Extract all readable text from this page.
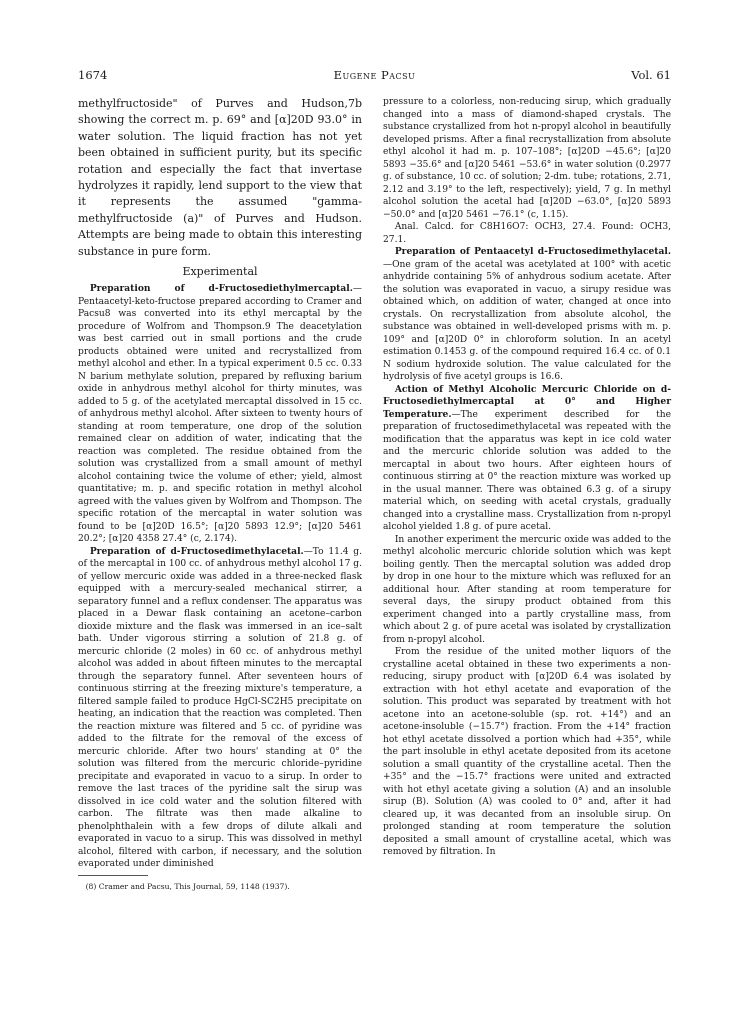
1674	Eugene Pacsu	Vol. 61

methylfructoside" of Purves and Hudson,7b showing the correct m. p. 69° and [α]20D 93.0° in water solution. The liquid fraction has not yet been obtained in sufficient purity, but its specific rotation and especially the fact that invertase hydrolyzes it rapidly, lend support to the view that it represents the assumed "gamma-methylfructoside (a)" of Purves and Hudson. Attempts are being made to obtain this interesting substance in pure form.

Experimental

Preparation of d-Fructosediethylmercaptal.—Pentaacetyl-keto-fructose prepared according to Cramer and Pacsu8 was converted into its ethyl mercaptal by the procedure of Wolfrom and Thompson.9 The deacetylation was best carried out in small portions and the crude products obtained were united and recrystallized from methyl alcohol and ether. In a typical experiment 0.5 cc. 0.33 N barium methylate solution, prepared by refluxing barium oxide in anhydrous methyl alcohol for thirty minutes, was added to 5 g. of the acetylated mercaptal dissolved in 15 cc. of anhydrous methyl alcohol. After sixteen to twenty hours of standing at room temperature, one drop of the solution remained clear on addition of water, indicating that the reaction was completed. The residue obtained from the solution was crystallized from a small amount of methyl alcohol containing twice the volume of ether; yield, almost quantitative; m. p. and specific rotation in methyl alcohol agreed with the values given by Wolfrom and Thompson. The specific rotation of the mercaptal in water solution was found to be [α]20D 16.5°; [α]20 5893 12.9°; [α]20 5461 20.2°; [α]20 4358 27.4° (c, 2.174).

Preparation of d-Fructosedimethylacetal.—To 11.4 g. of the mercaptal in 100 cc. of anhydrous methyl alcohol 17 g. of yellow mercuric oxide was added in a three-necked flask equipped with a mercury-sealed mechanical stirrer, a separatory funnel and a reflux condenser. The apparatus was placed in a Dewar flask containing an acetone–carbon dioxide mixture and the flask was immersed in an ice–salt bath. Under vigorous stirring a solution of 21.8 g. of mercuric chloride (2 moles) in 60 cc. of anhydrous methyl alcohol was added in about fifteen minutes to the mercaptal through the separatory funnel. After seventeen hours of continuous stirring at the freezing mixture's temperature, a filtered sample failed to produce HgCl-SC2H5 precipitate on heating, an indication that the reaction was completed. Then the reaction mixture was filtered and 5 cc. of pyridine was added to the filtrate for the removal of the excess of mercuric chloride. After two hours' standing at 0° the solution was filtered from the mercuric chloride–pyridine precipitate and evaporated in vacuo to a sirup. In order to remove the last traces of the pyridine salt the sirup was dissolved in ice cold water and the solution filtered with carbon. The filtrate was then made alkaline to phenolphthalein with a few drops of dilute alkali and evaporated in vacuo to a sirup. This was dissolved in methyl alcohol, filtered with carbon, if necessary, and the solution evaporated under diminished

(8) Cramer and Pacsu, This Journal, 59, 1148 (1937).

pressure to a colorless, non-reducing sirup, which gradually changed into a mass of diamond-shaped crystals. The substance crystallized from hot n-propyl alcohol in beautifully developed prisms. After a final recrystallization from absolute ethyl alcohol it had m. p. 107–108°; [α]20D −45.6°; [α]20 5893 −35.6° and [α]20 5461 −53.6° in water solution (0.2977 g. of substance, 10 cc. of solution; 2-dm. tube; rotations, 2.71, 2.12 and 3.19° to the left, respectively); yield, 7 g. In methyl alcohol solution the acetal had [α]20D −63.0°, [α]20 5893 −50.0° and [α]20 5461 −76.1° (c, 1.15).

Anal. Calcd. for C8H16O7: OCH3, 27.4. Found: OCH3, 27.1.

Preparation of Pentaacetyl d-Fructosedimethylacetal.—One gram of the acetal was acetylated at 100° with acetic anhydride containing 5% of anhydrous sodium acetate. After the solution was evaporated in vacuo, a sirupy residue was obtained which, on addition of water, changed at once into crystals. On recrystallization from absolute alcohol, the substance was obtained in well-developed prisms with m. p. 109° and [α]20D 0° in chloroform solution. In an acetyl estimation 0.1453 g. of the compound required 16.4 cc. of 0.1 N sodium hydroxide solution. The value calculated for the hydrolysis of five acetyl groups is 16.6.

Action of Methyl Alcoholic Mercuric Chloride on d-Fructosediethylmercaptal at 0° and Higher Temperature.—The experiment described for the preparation of fructosedimethylacetal was repeated with the modification that the apparatus was kept in ice cold water and the mercuric chloride solution was added to the mercaptal in about two hours. After eighteen hours of continuous stirring at 0° the reaction mixture was worked up in the usual manner. There was obtained 6.3 g. of a sirupy material which, on seeding with acetal crystals, gradually changed into a crystalline mass. Crystallization from n-propyl alcohol yielded 1.8 g. of pure acetal.

In another experiment the mercuric oxide was added to the methyl alcoholic mercuric chloride solution which was kept boiling gently. Then the mercaptal solution was added drop by drop in one hour to the mixture which was refluxed for an additional hour. After standing at room temperature for several days, the sirupy product obtained from this experiment changed into a partly crystalline mass, from which about 2 g. of pure acetal was isolated by crystallization from n-propyl alcohol.

From the residue of the united mother liquors of the crystalline acetal obtained in these two experiments a non-reducing, sirupy product with [α]20D 6.4 was isolated by extraction with hot ethyl acetate and evaporation of the solution. This product was separated by treatment with hot acetone into an acetone-soluble (sp. rot. +14°) and an acetone-insoluble (−15.7°) fraction. From the +14° fraction hot ethyl acetate dissolved a portion which had +35°, while the part insoluble in ethyl acetate deposited from its acetone solution a small quantity of the crystalline acetal. Then the +35° and the −15.7° fractions were united and extracted with hot ethyl acetate giving a solution (A) and an insoluble sirup (B). Solution (A) was cooled to 0° and, after it had cleared up, it was decanted from an insoluble sirup. On prolonged standing at room temperature the solution deposited a small amount of crystalline acetal, which was removed by filtration. In
